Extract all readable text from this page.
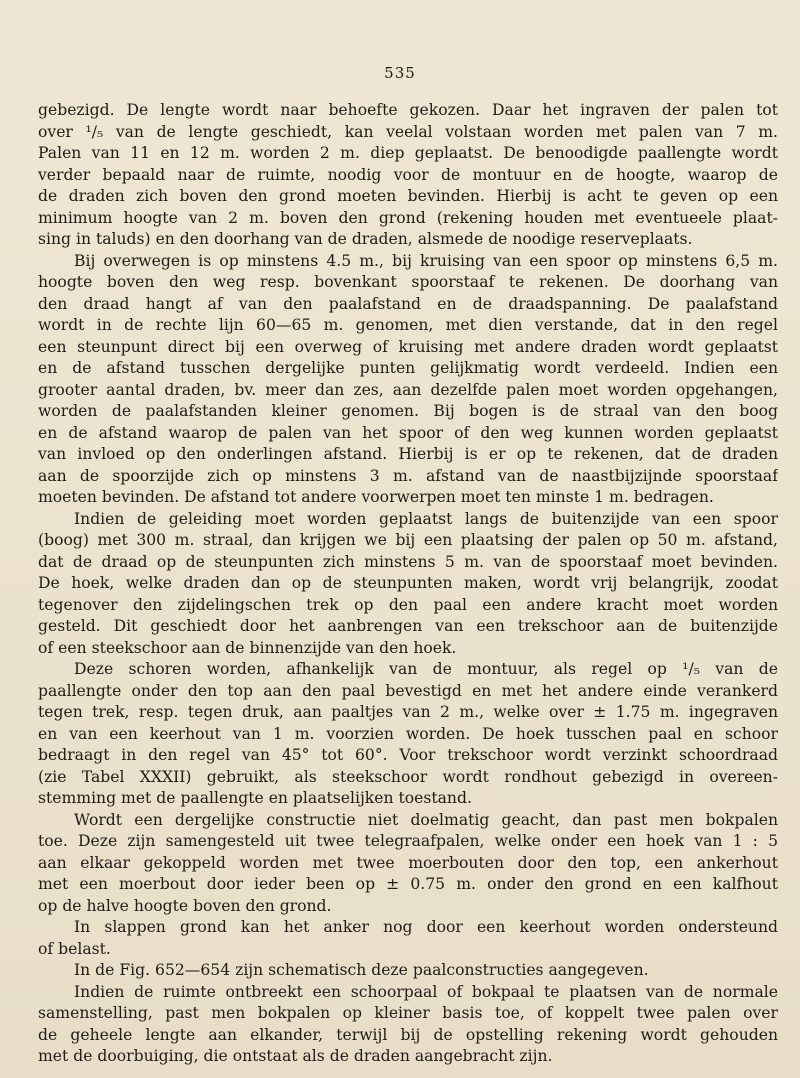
535

gebezigd. De lengte wordt naar behoefte gekozen. Daar het ingraven der palen tot

over ¹/₅ van de lengte geschiedt, kan veelal volstaan worden met palen van 7 m.

Palen van 11 en 12 m. worden 2 m. diep geplaatst. De benoodigde paallengte wordt

verder bepaald naar de ruimte, noodig voor de montuur en de hoogte, waarop de

de draden zich boven den grond moeten bevinden. Hierbij is acht te geven op een

minimum hoogte van 2 m. boven den grond (rekening houden met eventueele plaat-

sing in taluds) en den doorhang van de draden, alsmede de noodige reserveplaats.

Bij overwegen is op minstens 4.5 m., bij kruising van een spoor op minstens 6,5 m.

hoogte boven den weg resp. bovenkant spoorstaaf te rekenen. De doorhang van

den draad hangt af van den paalafstand en de draadspanning. De paalafstand

wordt in de rechte lijn 60—65 m. genomen, met dien verstande, dat in den regel

een steunpunt direct bij een overweg of kruising met andere draden wordt geplaatst

en de afstand tusschen dergelijke punten gelijkmatig wordt verdeeld. Indien een

grooter aantal draden, bv. meer dan zes, aan dezelfde palen moet worden opgehangen,

worden de paalafstanden kleiner genomen. Bij bogen is de straal van den boog

en de afstand waarop de palen van het spoor of den weg kunnen worden geplaatst

van invloed op den onderlingen afstand. Hierbij is er op te rekenen, dat de draden

aan de spoorzijde zich op minstens 3 m. afstand van de naastbijzijnde spoorstaaf

moeten bevinden. De afstand tot andere voorwerpen moet ten minste 1 m. bedragen.

Indien de geleiding moet worden geplaatst langs de buitenzijde van een spoor

(boog) met 300 m. straal, dan krijgen we bij een plaatsing der palen op 50 m. afstand,

dat de draad op de steunpunten zich minstens 5 m. van de spoorstaaf moet bevinden.

De hoek, welke draden dan op de steunpunten maken, wordt vrij belangrijk, zoodat

tegenover den zijdelingschen trek op den paal een andere kracht moet worden

gesteld. Dit geschiedt door het aanbrengen van een trekschoor aan de buitenzijde

of een steekschoor aan de binnenzijde van den hoek.

Deze schoren worden, afhankelijk van de montuur, als regel op ¹/₅ van de

paallengte onder den top aan den paal bevestigd en met het andere einde verankerd

tegen trek, resp. tegen druk, aan paaltjes van 2 m., welke over ± 1.75 m. ingegraven

en van een keerhout van 1 m. voorzien worden. De hoek tusschen paal en schoor

bedraagt in den regel van 45° tot 60°. Voor trekschoor wordt verzinkt schoordraad

(zie Tabel XXXII) gebruikt, als steekschoor wordt rondhout gebezigd in overeen-

stemming met de paallengte en plaatselijken toestand.

Wordt een dergelijke constructie niet doelmatig geacht, dan past men bokpalen

toe. Deze zijn samengesteld uit twee telegraafpalen, welke onder een hoek van 1 : 5

aan elkaar gekoppeld worden met twee moerbouten door den top, een ankerhout

met een moerbout door ieder been op ± 0.75 m. onder den grond en een kalfhout

op de halve hoogte boven den grond.

In slappen grond kan het anker nog door een keerhout worden ondersteund

of belast.

In de Fig. 652—654 zijn schematisch deze paalconstructies aangegeven.

Indien de ruimte ontbreekt een schoorpaal of bokpaal te plaatsen van de normale

samenstelling, past men bokpalen op kleiner basis toe, of koppelt twee palen over

de geheele lengte aan elkander, terwijl bij de opstelling rekening wordt gehouden

met de doorbuiging, die ontstaat als de draden aangebracht zijn.
